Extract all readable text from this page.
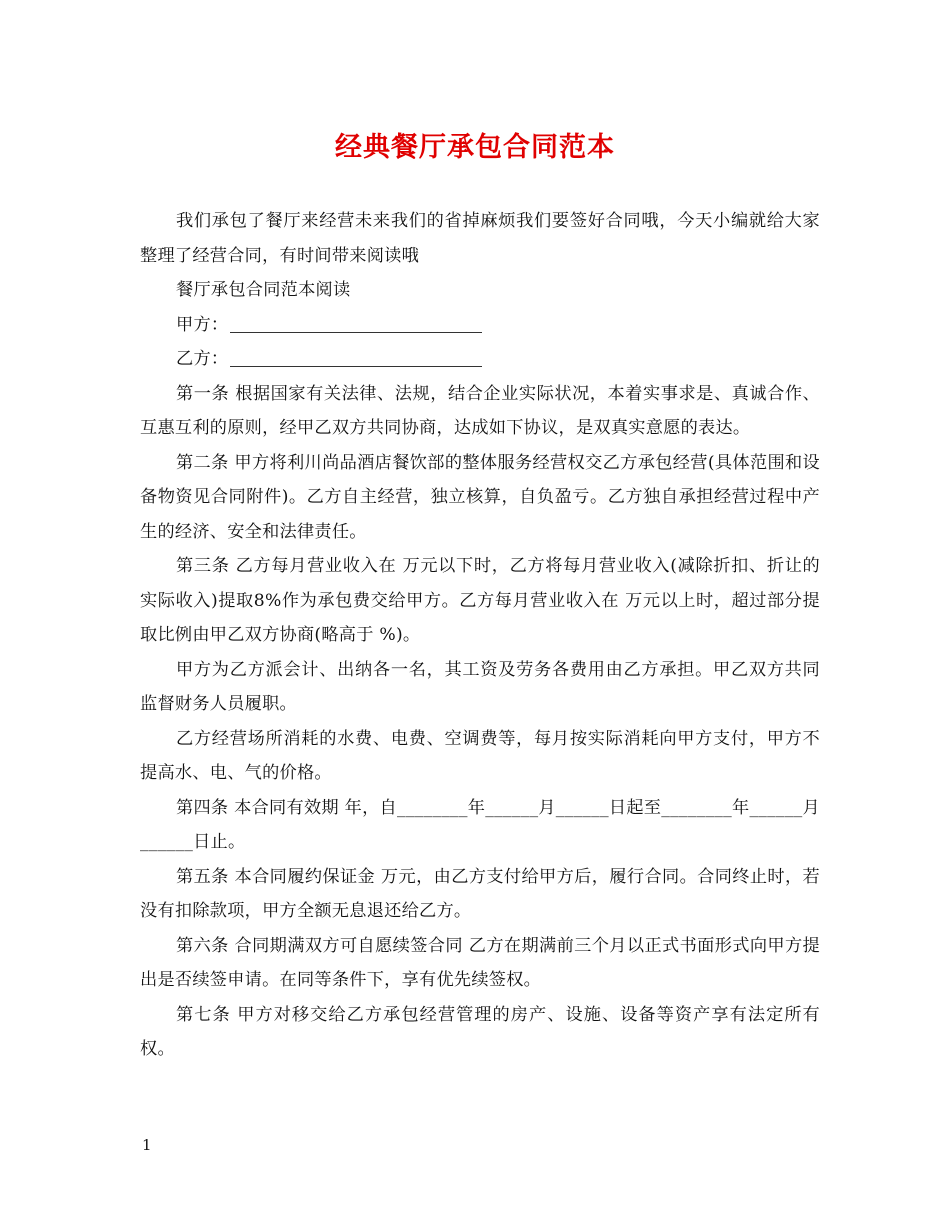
经典餐厅承包合同范本

我们承包了餐厅来经营未来我们的省掉麻烦我们要签好合同哦，今天小编就给大家整理了经营合同，有时间带来阅读哦

餐厅承包合同范本阅读

甲方：

乙方：

第一条 根据国家有关法律、法规，结合企业实际状况，本着实事求是、真诚合作、互惠互利的原则，经甲乙双方共同协商，达成如下协议，是双真实意愿的表达。

第二条 甲方将利川尚品酒店餐饮部的整体服务经营权交乙方承包经营(具体范围和设备物资见合同附件)。乙方自主经营，独立核算，自负盈亏。乙方独自承担经营过程中产生的经济、安全和法律责任。

第三条 乙方每月营业收入在 万元以下时，乙方将每月营业收入(减除折扣、折让的实际收入)提取8%作为承包费交给甲方。乙方每月营业收入在 万元以上时，超过部分提取比例由甲乙双方协商(略高于 %)。

甲方为乙方派会计、出纳各一名，其工资及劳务各费用由乙方承担。甲乙双方共同监督财务人员履职。

乙方经营场所消耗的水费、电费、空调费等，每月按实际消耗向甲方支付，甲方不提高水、电、气的价格。

第四条 本合同有效期 年，自________年______月______日起至________年______月______日止。

第五条 本合同履约保证金 万元，由乙方支付给甲方后，履行合同。合同终止时，若没有扣除款项，甲方全额无息退还给乙方。

第六条 合同期满双方可自愿续签合同 乙方在期满前三个月以正式书面形式向甲方提出是否续签申请。在同等条件下，享有优先续签权。

第七条 甲方对移交给乙方承包经营管理的房产、设施、设备等资产享有法定所有权。

1
